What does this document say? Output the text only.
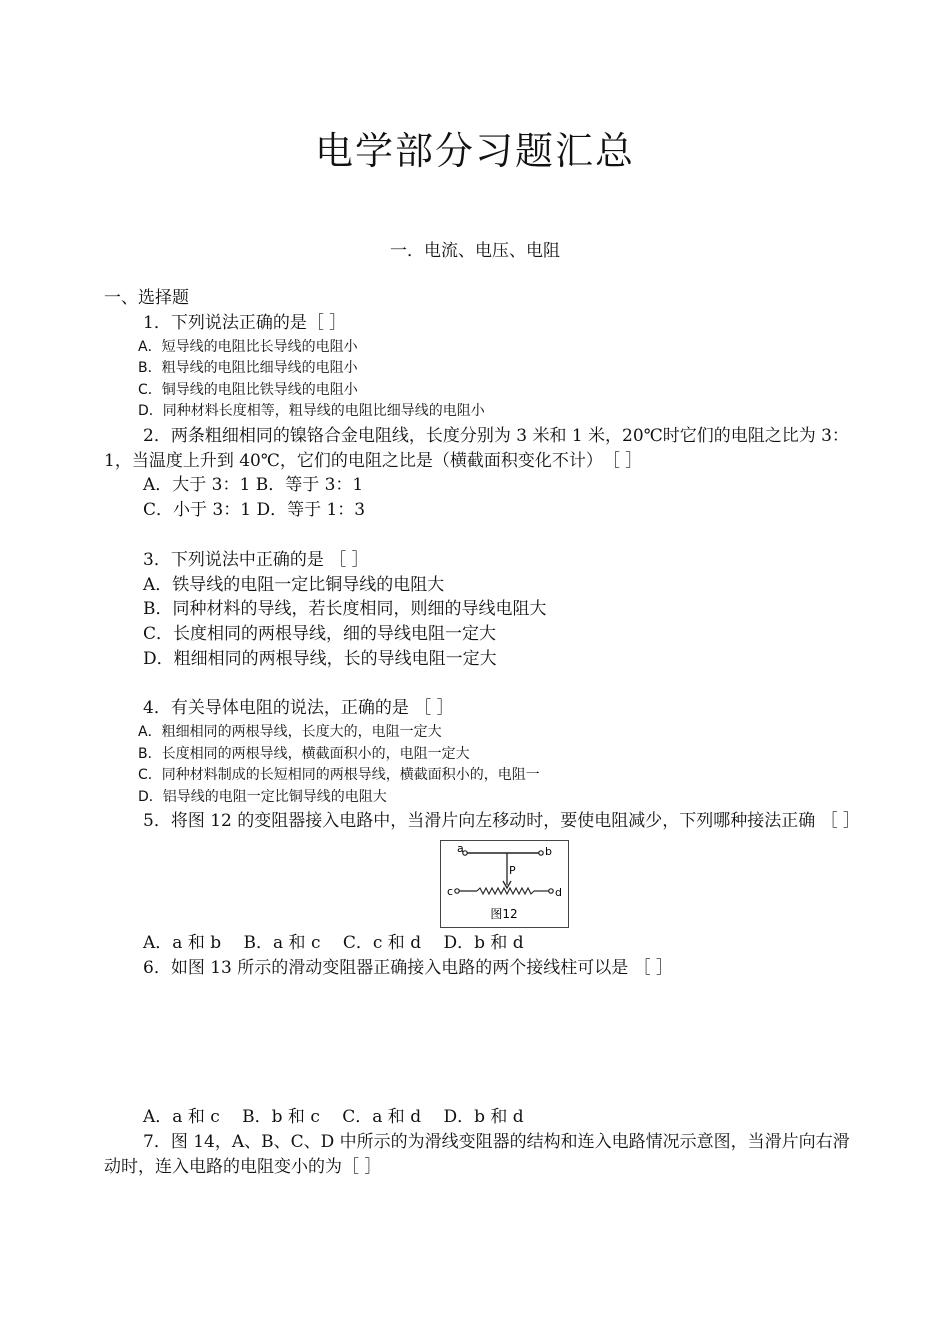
电学部分习题汇总
一．电流、电压、电阻
一、选择题
1．下列说法正确的是［ ］
A．短导线的电阻比长导线的电阻小
B．粗导线的电阻比细导线的电阻小
C．铜导线的电阻比铁导线的电阻小
D．同种材料长度相等，粗导线的电阻比细导线的电阻小
2．两条粗细相同的镍铬合金电阻线，长度分别为 3 米和 1 米，20℃时它们的电阻之比为 3：
1，当温度上升到 40℃，它们的电阻之比是（横截面积变化不计）　［ ］
A．大于 3：1 B．等于 3：1
C．小于 3：1 D．等于 1：3
3．下列说法中正确的是 ［ ］
A．铁导线的电阻一定比铜导线的电阻大
B．同种材料的导线，若长度相同，则细的导线电阻大
C．长度相同的两根导线，细的导线电阻一定大
D．粗细相同的两根导线，长的导线电阻一定大
4．有关导体电阻的说法，正确的是 ［ ］
A．粗细相同的两根导线，长度大的，电阻一定大
B．长度相同的两根导线，横截面积小的，电阻一定大
C．同种材料制成的长短相同的两根导线，横截面积小的，电阻一
D．铝导线的电阻一定比铜导线的电阻大
5．将图 12 的变阻器接入电路中，当滑片向左移动时，要使电阻减少，下列哪种接法正确 ［ ］
a	b
P
c	d
图12
A．a 和 b　 B．a 和 c　 C．c 和 d　 D．b 和 d
6．如图 13 所示的滑动变阻器正确接入电路的两个接线柱可以是 ［ ］
A．a 和 c　 B．b 和 c　 C．a 和 d　 D．b 和 d
7．图 14，A、B、C、D 中所示的为滑线变阻器的结构和连入电路情况示意图，当滑片向右滑
动时，连入电路的电阻变小的为［ ］
